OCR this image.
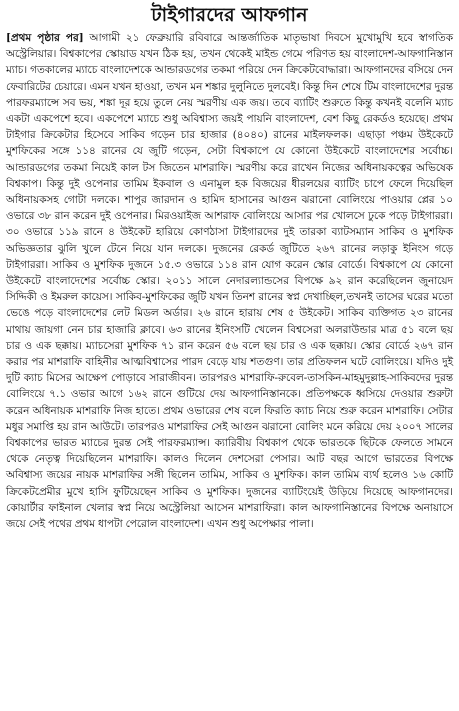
টাইগারদের আফগান

[প্রথম পৃষ্ঠার পর] আগামী ২১ ফেব্রুয়ারি রবিবারে আন্তর্জাতিক মাতৃভাষা দিবসে মুখোমুখি হবে স্বাগতিক অস্ট্রেলিয়ার। বিশ্বকাপের স্কোয়াড যখন ঠিক হয়, তখন থেকেই মাইন্ড গেমে পরিণত হয় বাংলাদেশ-আফগানিস্তান ম্যাচ। গতকালের ম্যাচে বাংলাদেশকে আন্ডারডগের তকমা পরিয়ে দেন ক্রিকেটবোদ্ধারা। আফগানদের বসিয়ে দেন ফেবারিটের চেয়ারে। এমন যখন হাওয়া, তখন মন শঙ্কার দুলুনিতে দুলবেই। কিন্তু দিন শেষে টিম বাংলাদেশের দুরন্ত পারফরম্যান্সে সব ভয়, শঙ্কা দূর হয়ে তুলে নেয় স্মরণীয় এক জয়। তবে ব্যাটিং শুরুতে কিন্তু কখনই বলেনি ম্যাচ একটা একপেশে হবে। একপেশে ম্যাচে শুধু অবিশ্বাস্য জয়ই পায়নি বাংলাদেশ, বেশ কিছু রেকর্ডও হয়েছে। প্রথম টাইগার ক্রিকেটার হিসেবে সাকিব গড়েন চার হাজার (৪০৪০) রানের মাইলফলক। এছাড়া পঞ্চম উইকেটে মুশফিকের সঙ্গে ১১৪ রানের যে জুটি গড়েন, সেটা বিশ্বকাপে যে কোনো উইকেটে বাংলাদেশের সর্বোচ্চ। আন্ডারডগের তকমা নিয়েই কাল টস জিতেন মাশরাফি। স্মরণীয় করে রাখেন নিজের অধিনায়কত্বের অভিষেক বিশ্বকাপ। কিন্তু দুই ওপেনার তামিম ইকবাল ও এনামুল হক বিজয়ের ধীরলয়ের ব্যাটিং চাপে ফেলে দিয়েছিল অধিনায়কসহ গোটা দলকে। শাপুর জারদান ও হামিদ হাসানের আগুন ঝরানো বোলিংয়ে পাওয়ার প্লের ১০ ওভারে ৩৮ রান করেন দুই ওপেনার। মিরওয়াইজ আশরাফ বোলিংয়ে আসার পর খোলসে ঢুকে পড়ে টাইগাররা। ৩০ ওভারে ১১৯ রানে ৪ উইকেট হারিয়ে কোণঠাসা টাইগারদের দুই তারকা ব্যাটসম্যান সাকিব ও মুশফিক অভিজ্ঞতার ঝুলি খুলে টেনে নিয়ে যান দলকে। দুজনের রেকর্ড জুটিতে ২৬৭ রানের লড়াকু ইনিংস গড়ে টাইগাররা। সাকিব ও মুশফিক দুজনে ১৫.৩ ওভারে ১১৪ রান যোগ করেন স্কোর বোর্ডে। বিশ্বকাপে যে কোনো উইকেটে বাংলাদেশের সর্বোচ্চ স্কোর। ২০১১ সালে নেদারল্যান্ডসের বিপক্ষে ৯২ রান করেছিলেন জুনায়েদ সিদ্দিকী ও ইমরুল কায়েস। সাকিব-মুশফিকের জুটি যখন তিনশ রানের স্বপ্ন দেখাচ্ছিল,তখনই তাসের ঘরের মতো ভেঙে পড়ে বাংলাদেশের লেট মিডল অর্ডার। ২৬ রানে হারায় শেষ ৫ উইকেট। সাকিব ব্যক্তিগত ২৩ রানের মাথায় জায়গা নেন চার হাজারি ক্লাবে। ৬৩ রানের ইনিংসটি খেলেন বিশ্বসেরা অলরাউন্ডার মাত্র ৫১ বলে ছয় চার ও এক ছক্কায়। ম্যাচসেরা মুশফিক ৭১ রান করেন ৫৬ বলে ছয় চার ও এক ছক্কায়। স্কোর বোর্ডে ২৬৭ রান করার পর মাশরাফি বাহিনীর আত্মবিশ্বাসের পারদ বেড়ে যায় শতগুণ। তার প্রতিফলন ঘটে বোলিংয়ে। যদিও দুই দুটি ক্যাচ মিসের আক্ষেপ পোড়াবে সারাজীবন। তারপরও মাশরাফি-রুবেল-তাসকিন-মাহমুদুল্লাহ-সাকিবদের দুরন্ত বোলিংয়ে ৭.১ ওভার আগে ১৬২ রানে গুটিয়ে দেয় আফগানিস্তানকে। প্রতিপক্ষকে ধ্বসিয়ে দেওয়ার শুরুটা করেন অধিনায়ক মাশরাফি নিজ হাতে। প্রথম ওভারের শেষ বলে ফিরতি ক্যাচ নিয়ে শুরু করেন মাশরাফি। সেটার মধুর সমাপ্তি হয় রান আউটে। তারপরও মাশরাফির সেই আগুন ঝরানো বোলিং মনে করিয়ে দেয় ২০০৭ সালের বিশ্বকাপের ভারত ম্যাচের দুরন্ত সেই পারফরম্যান্স। ক্যারিবীয় বিশ্বকাপ থেকে ভারতকে ছিটকে ফেলতে সামনে থেকে নেতৃত্ব দিয়েছিলেন মাশরাফি। কালও দিলেন দেশসেরা পেসার। আট বছর আগে ভারতের বিপক্ষে অবিশ্বাস্য জয়ের নায়ক মাশরাফির সঙ্গী ছিলেন তামিম, সাকিব ও মুশফিক। কাল তামিম ব্যর্থ হলেও ১৬ কোটি ক্রিকেটপ্রেমীর মুখে হাসি ফুটিয়েছেন সাকিব ও মুশফিক। দুজনের ব্যাটিংয়েই উড়িয়ে দিয়েছে আফগানদের। কোয়ার্টার ফাইনাল খেলার স্বপ্ন নিয়ে অস্ট্রেলিয়া আসেন মাশরাফিরা। কাল আফগানিস্তানের বিপক্ষে অনায়াসে জয়ে সেই পথের প্রথম ধাপটা পেরোল বাংলাদেশ। এখন শুধু অপেক্ষার পালা।
